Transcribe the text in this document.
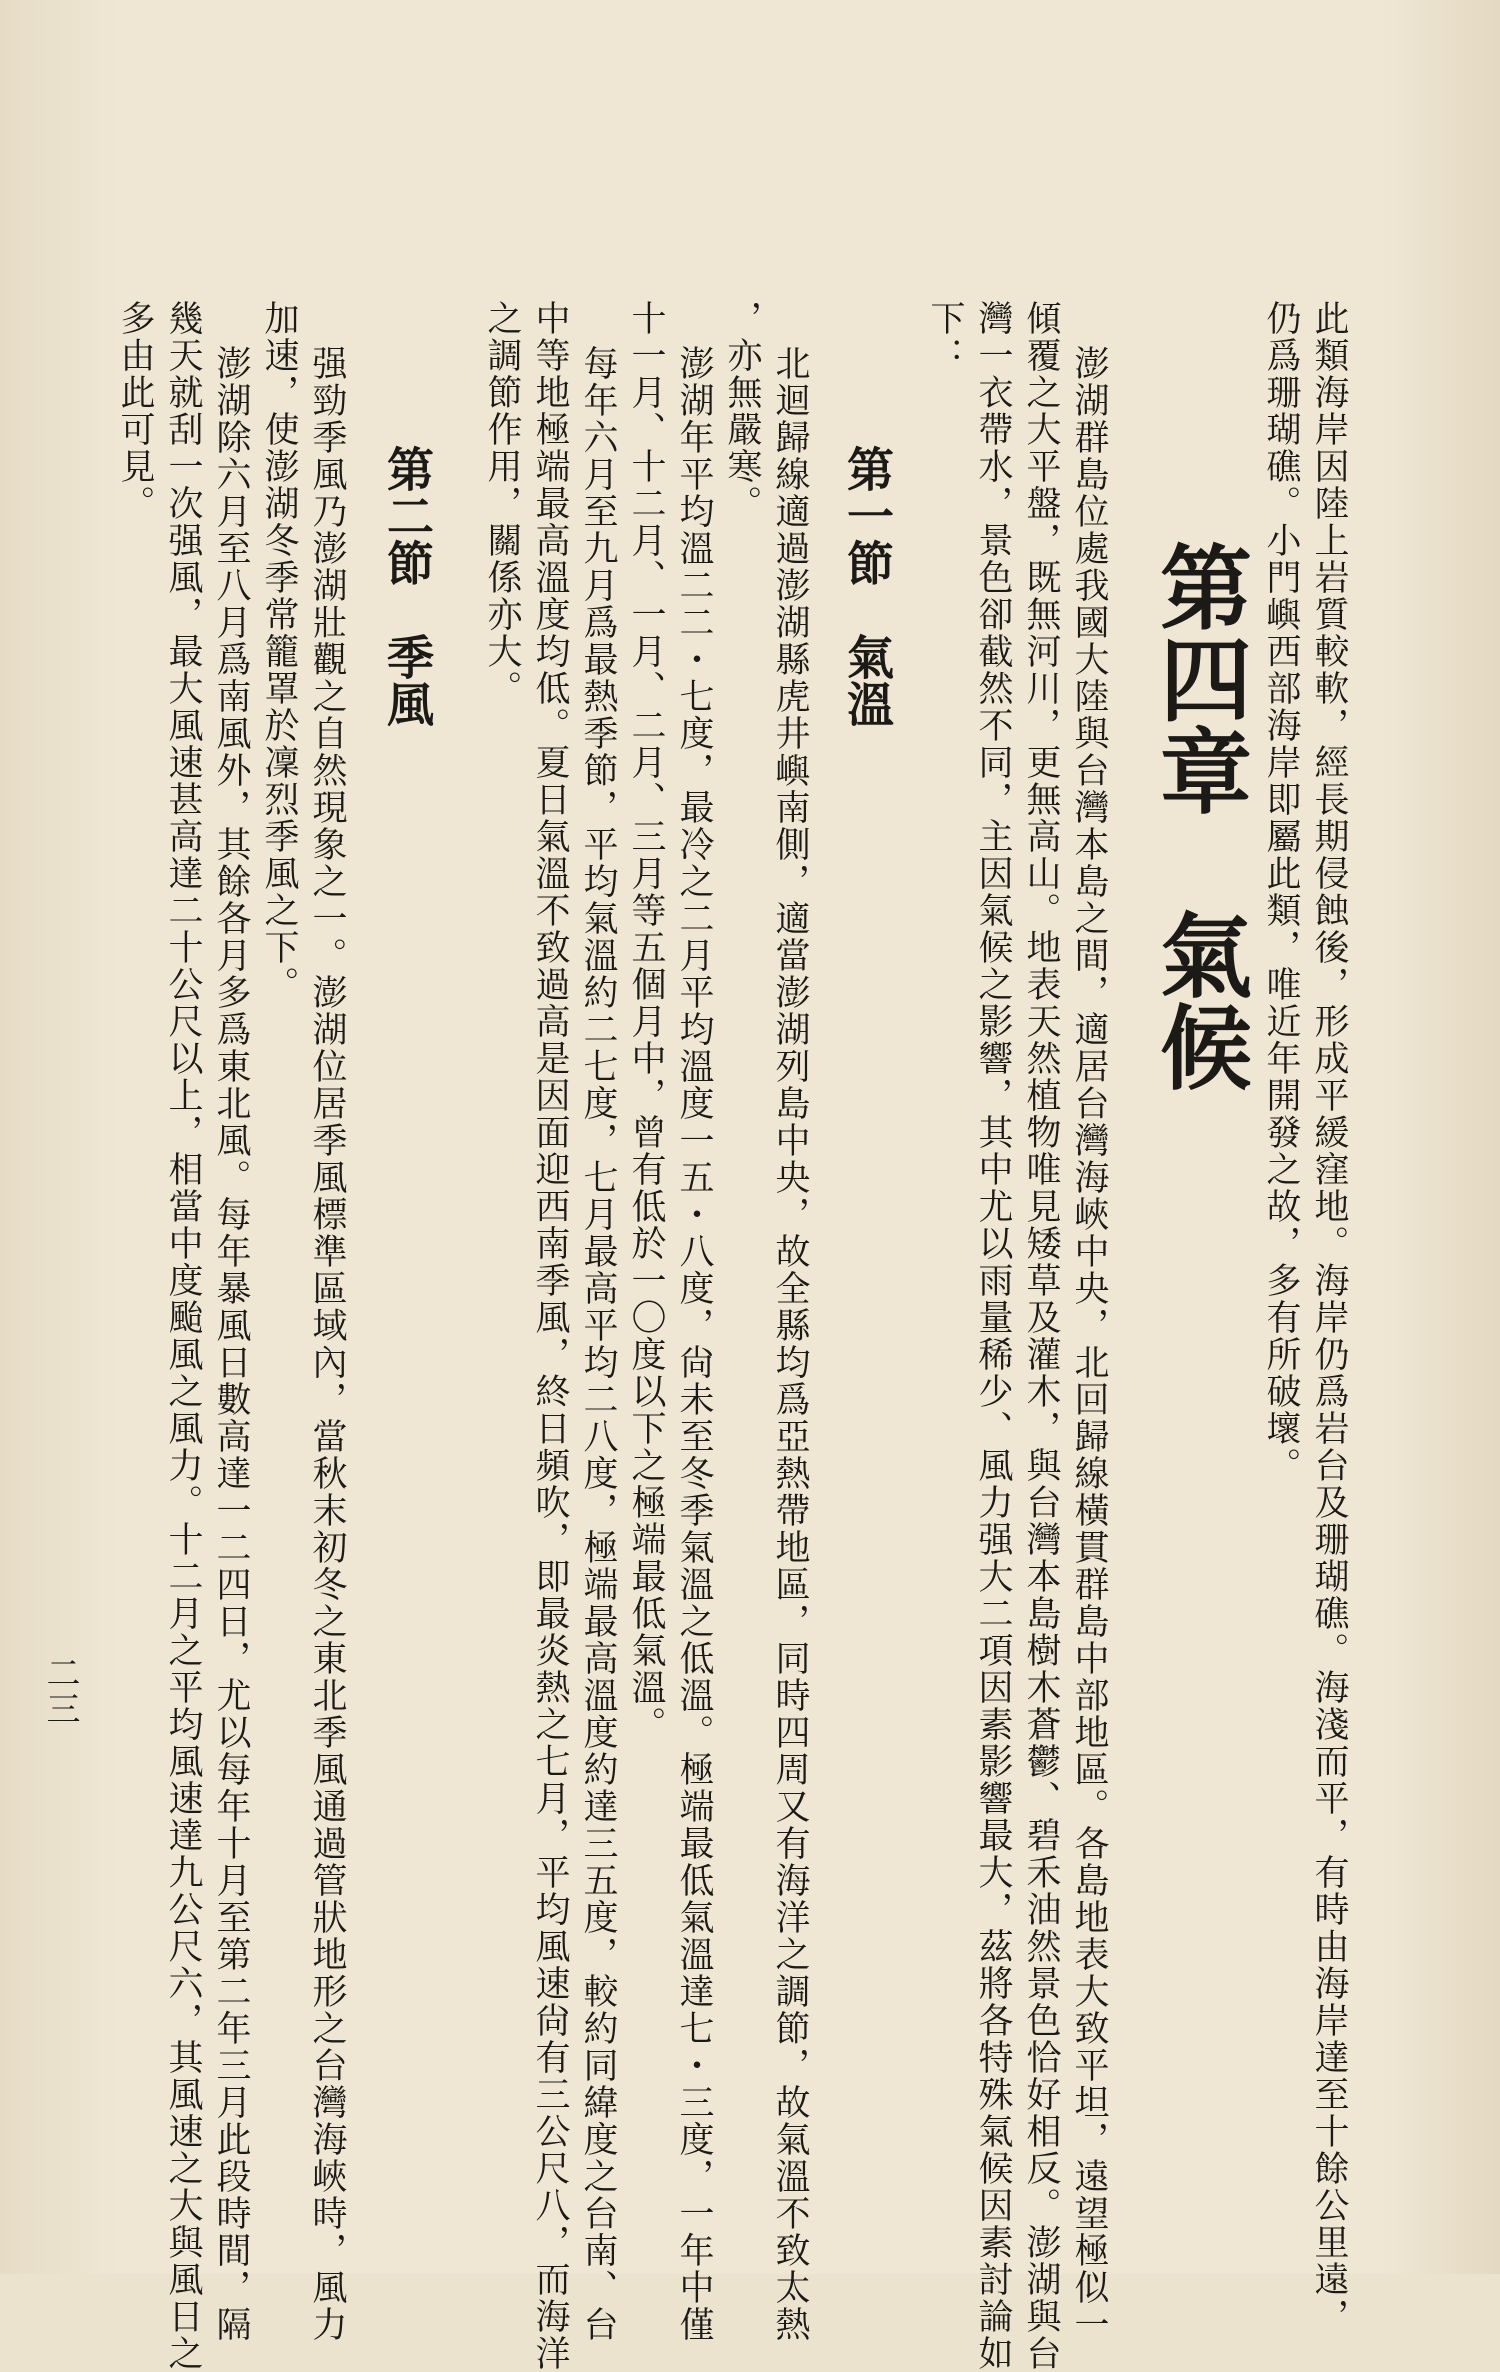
此類海岸因陸上岩質較軟，經長期侵蝕後，形成平緩窪地。海岸仍爲岩台及珊瑚礁。海淺而平，有時由海岸達至十餘公里遠，
仍爲珊瑚礁。小門嶼西部海岸即屬此類，唯近年開發之故，多有所破壞。
第四章　氣候
澎湖群島位處我國大陸與台灣本島之間，適居台灣海峽中央，北回歸線橫貫群島中部地區。各島地表大致平坦，遠望極似一
傾覆之大平盤，既無河川，更無高山。地表天然植物唯見矮草及灌木，與台灣本島樹木蒼鬱、碧禾油然景色恰好相反。澎湖與台
灣一衣帶水，景色卻截然不同，主因氣候之影響，其中尤以雨量稀少、風力强大二項因素影響最大，茲將各特殊氣候因素討論如
下：
第一節　氣溫
北迴歸線適過澎湖縣虎井嶼南側，適當澎湖列島中央，故全縣均爲亞熱帶地區，同時四周又有海洋之調節，故氣溫不致太熱
，亦無嚴寒。
澎湖年平均溫二二・七度，最冷之二月平均溫度一五・八度，尙未至冬季氣溫之低溫。極端最低氣溫達七・三度，一年中僅
十一月、十二月、一月、二月、三月等五個月中，曾有低於一〇度以下之極端最低氣溫。
每年六月至九月爲最熱季節，平均氣溫約二七度，七月最高平均二八度，極端最高溫度約達三五度，較約同緯度之台南、台
中等地極端最高溫度均低。夏日氣溫不致過高是因面迎西南季風，終日頻吹，即最炎熱之七月，平均風速尙有三公尺八，而海洋
之調節作用，關係亦大。
第二節　季風
强勁季風乃澎湖壯觀之自然現象之一。澎湖位居季風標準區域內，當秋末初冬之東北季風通過管狀地形之台灣海峽時，風力
加速，使澎湖冬季常籠罩於凜烈季風之下。
澎湖除六月至八月爲南風外，其餘各月多爲東北風。每年暴風日數高達一二四日，尤以每年十月至第二年三月此段時間，隔
幾天就刮一次强風，最大風速甚高達二十公尺以上，相當中度颱風之風力。十二月之平均風速達九公尺六，其風速之大與風日之
多由此可見。
二三
